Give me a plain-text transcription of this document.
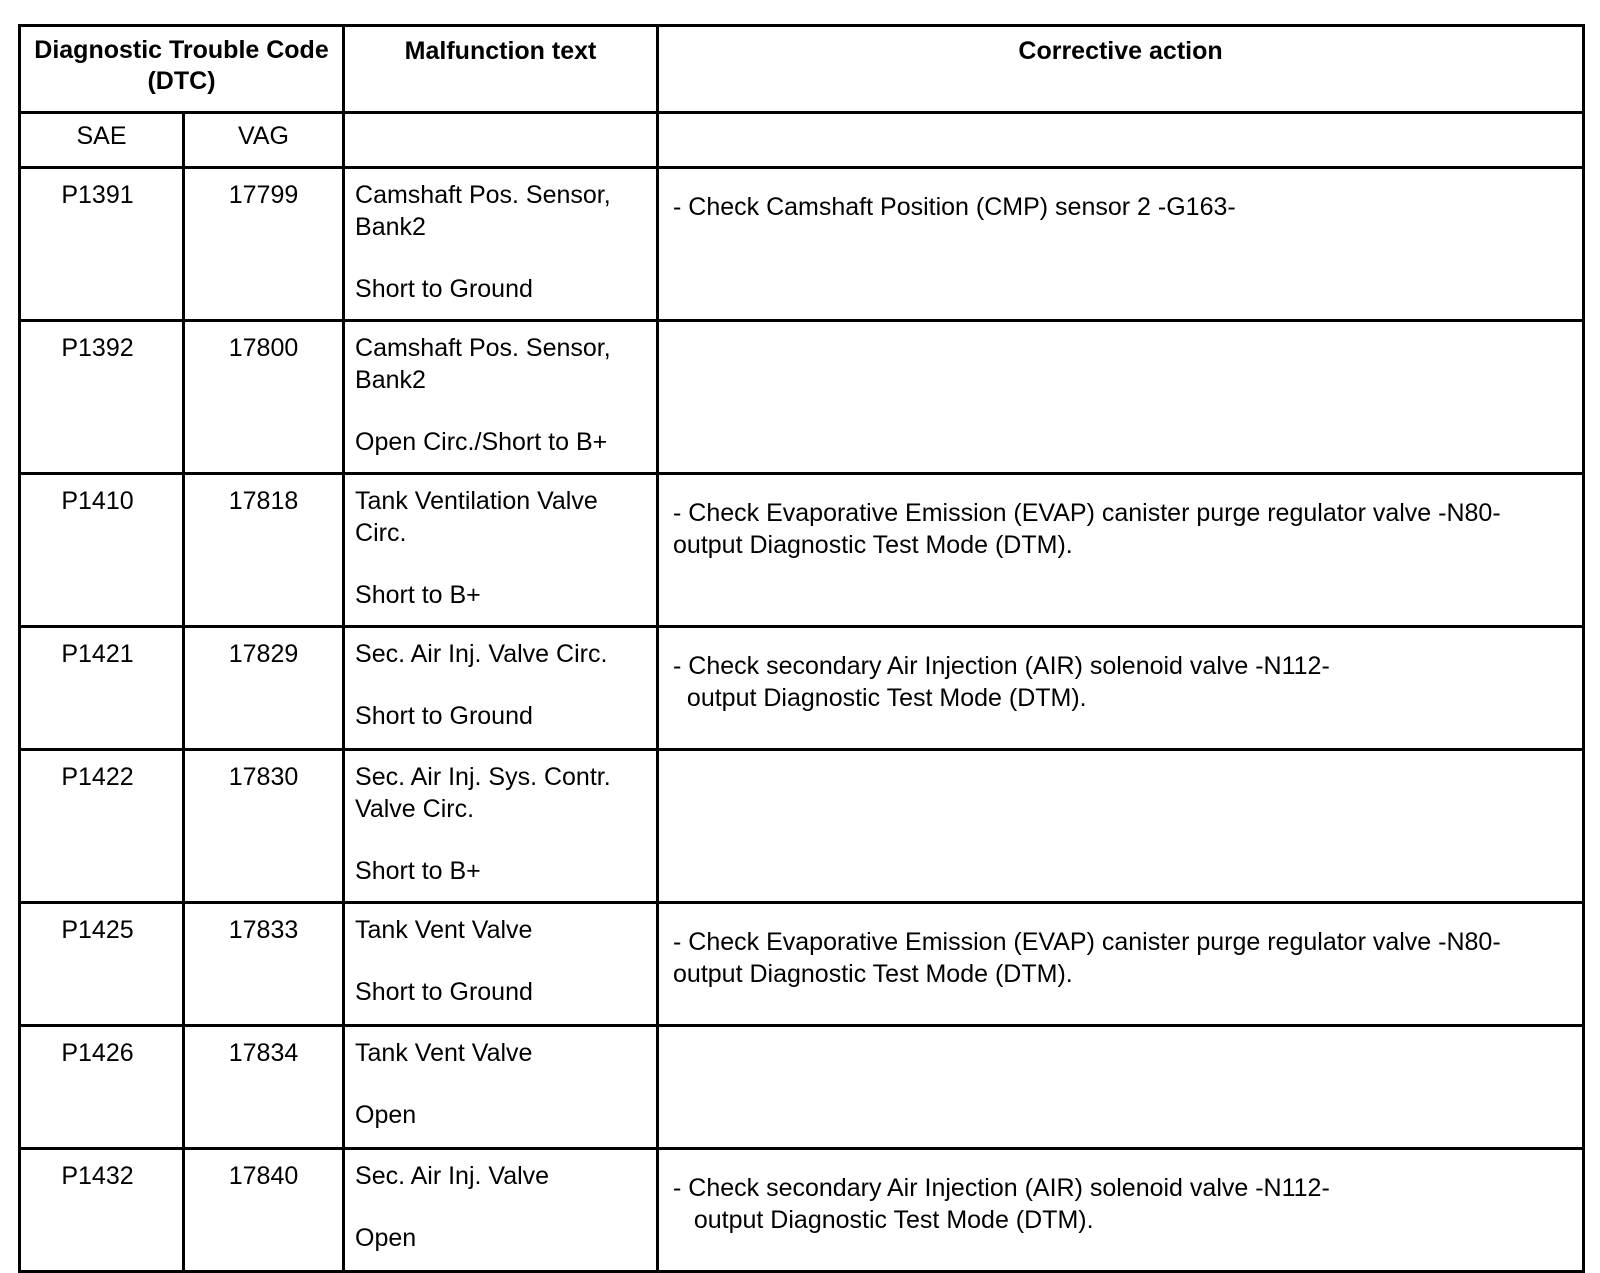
Diagnostic Trouble Code (DTC)		Malfunction text	Corrective action
SAE	VAG		
P1391	17799	Camshaft Pos. Sensor, Bank2
Short to Ground	- Check Camshaft Position (CMP) sensor 2 -G163-

P1392	17800	Camshaft Pos. Sensor, Bank2
Open Circ./Short to B+	

P1410	17818	Tank Ventilation Valve Circ.
Short to B+	- Check Evaporative Emission (EVAP) canister purge regulator valve -N80-  output Diagnostic Test Mode (DTM).

P1421	17829	Sec. Air Inj. Valve Circ.
Short to Ground	- Check secondary Air Injection (AIR) solenoid valve -N112-
output Diagnostic Test Mode (DTM).

P1422	17830	Sec. Air Inj. Sys. Contr. Valve Circ.
Short to B+	

P1425	17833	Tank Vent Valve
Short to Ground	- Check Evaporative Emission (EVAP) canister purge regulator valve -N80-  output Diagnostic Test Mode (DTM).

P1426	17834	Tank Vent Valve
Open	

P1432	17840	Sec. Air Inj. Valve
Open	- Check secondary Air Injection (AIR) solenoid valve -N112-
output Diagnostic Test Mode (DTM).
